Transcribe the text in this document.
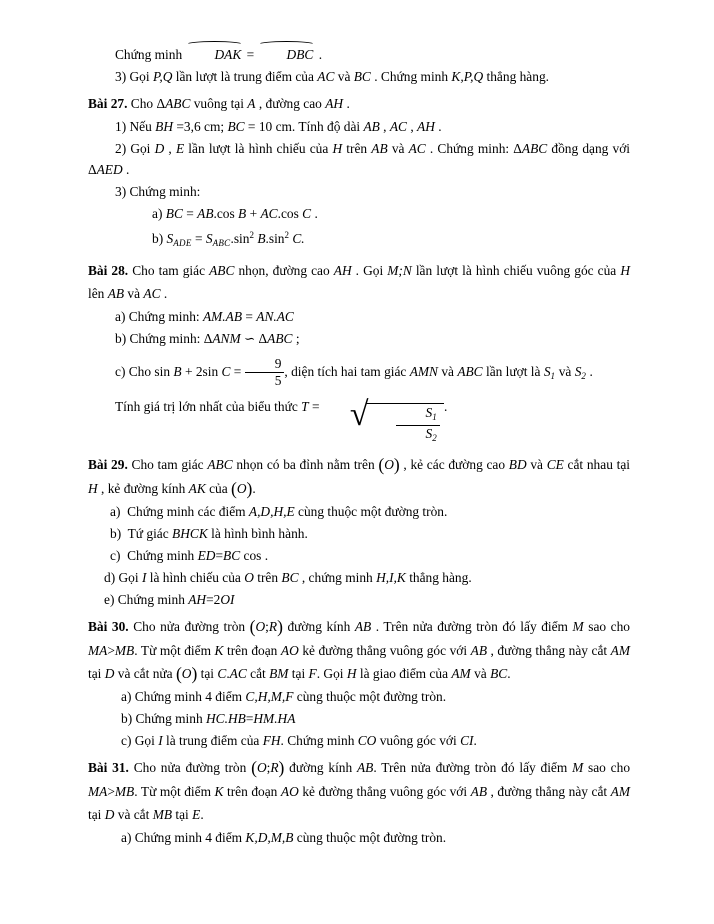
Chứng minh DAK = DBC .

3) Gọi P,Q lần lượt là trung điểm của AC và BC . Chứng minh K,P,Q thẳng hàng.

Bài 27. Cho ΔABC vuông tại A , đường cao AH .

1) Nếu BH =3,6 cm; BC = 10 cm. Tính độ dài AB , AC , AH .

2) Gọi D , E lần lượt là hình chiếu của H trên AB và AC . Chứng minh: ΔABC đồng dạng với ΔAED .

3) Chứng minh:

a) BC = AB.cos B + AC.cos C .

b) $S_{ADE} = S_{ABC}.\sin^2$ $B.\sin^2$ C.

Bài 28. Cho tam giác ABC nhọn, đường cao AH . Gọi M;N lần lượt là hình chiếu vuông góc của H lên AB và AC .

a) Chứng minh: AM.AB = AN.AC

b) Chứng minh: ΔANM ∽ ΔABC ;

c) Cho sin B + 2sin $C = \frac{9}{5}$ , diện tích hai tam giác AMN và ABC lần lượt là $S_1$ và $S_2$ .

Tính giá trị lớn nhất của biểu thức T = √ $\frac{S_1}{S_2}$ .

Bài 29. Cho tam giác ABC nhọn có ba đỉnh nằm trên (O) , kẻ các đường cao BD và CE cắt nhau tại H , kẻ đường kính AK của (O).

a)  Chứng minh các điểm A,D,H,E cùng thuộc một đường tròn.

b)  Tứ giác BHCK là hình bình hành.

c)  Chứng minh ED=BC cos .

d) Gọi I là hình chiếu của O trên BC , chứng minh H,I,K thẳng hàng.

e) Chứng minh AH=2OI

Bài 30. Cho nửa đường tròn (O;R) đường kính AB . Trên nửa đường tròn đó lấy điểm M sao cho MA>MB. Từ một điểm K trên đoạn AO kẻ đường thẳng vuông góc với AB , đường thẳng này cắt AM tại D và cắt nửa (O) tại C.AC cắt BM tại F. Gọi H là giao điểm của AM và BC.

a) Chứng minh 4 điểm C,H,M,F cùng thuộc một đường tròn.

b) Chứng minh HC.HB=HM.HA

c) Gọi I là trung điểm của FH. Chứng minh CO vuông góc với CI.

Bài 31. Cho nửa đường tròn (O;R) đường kính AB. Trên nửa đường tròn đó lấy điểm M sao cho MA>MB. Từ một điểm K trên đoạn AO kẻ đường thẳng vuông góc với AB , đường thẳng này cắt AM tại D và cắt MB tại E.

a) Chứng minh 4 điểm K,D,M,B cùng thuộc một đường tròn.
